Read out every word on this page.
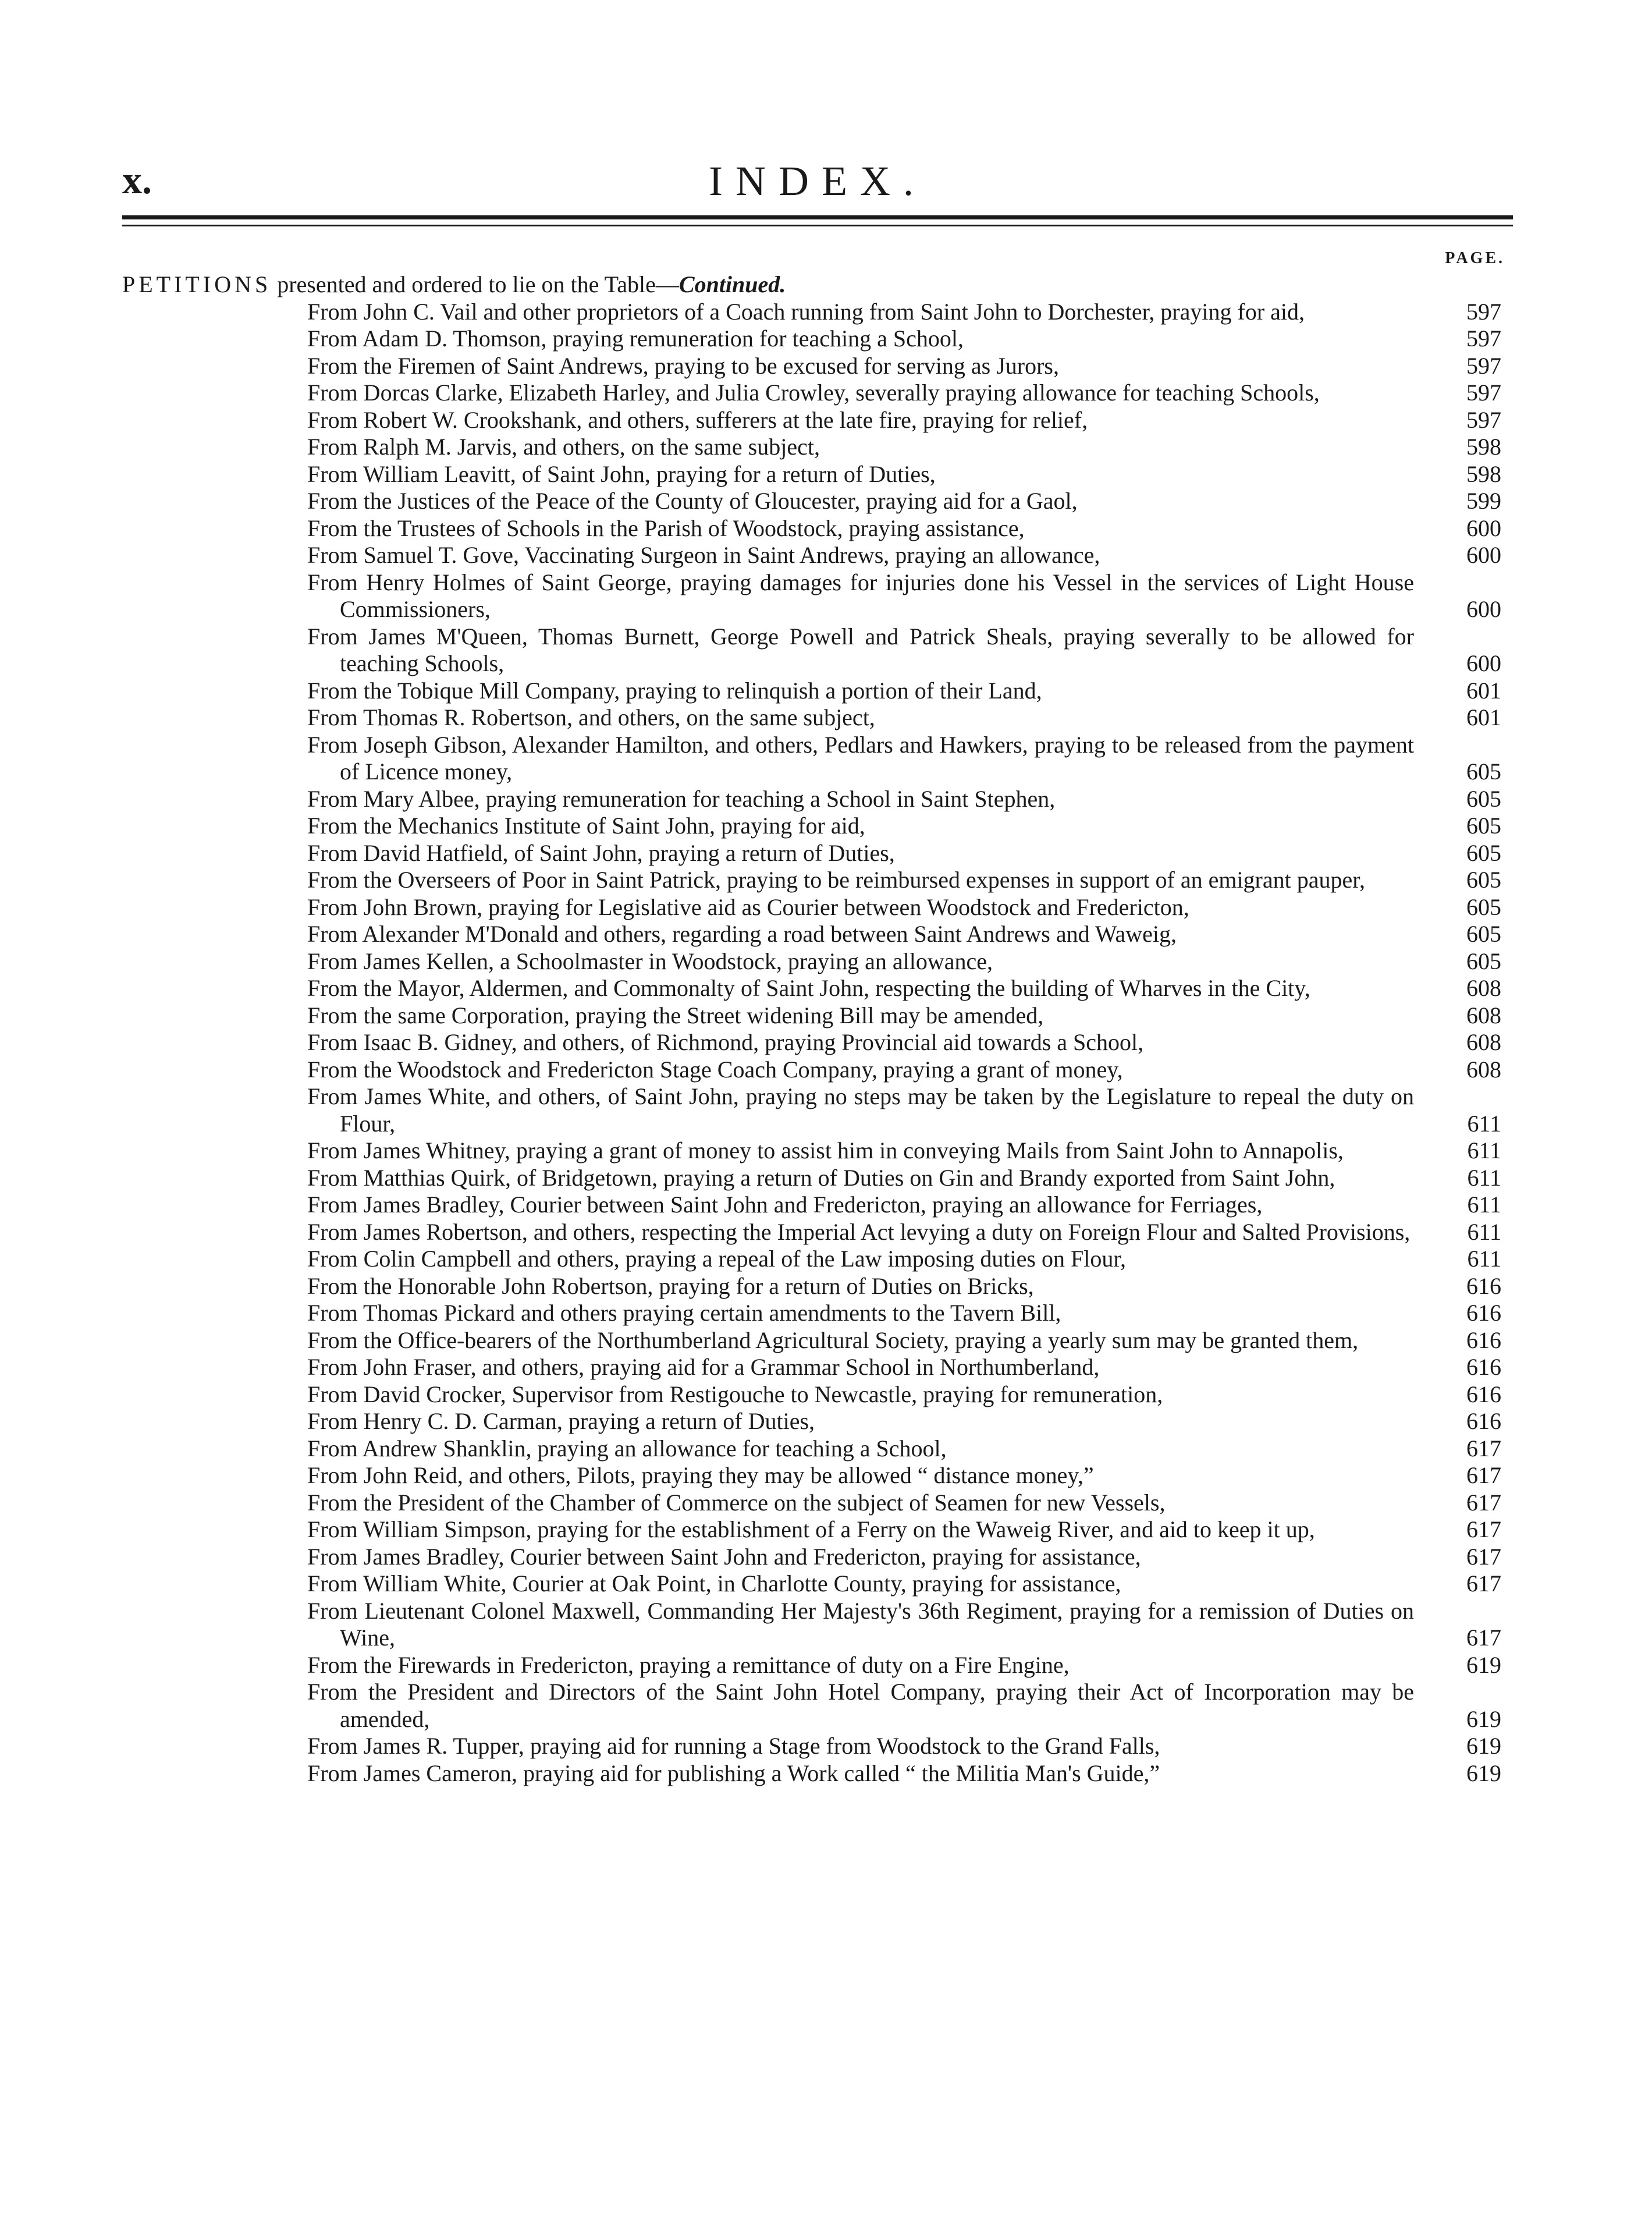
x.	INDEX.
PAGE.

PETITIONS presented and ordered to lie on the Table—Continued.

From John C. Vail and other proprietors of a Coach running from Saint John to Dorchester, praying for aid,	597
From Adam D. Thomson, praying remuneration for teaching a School,	597
From the Firemen of Saint Andrews, praying to be excused for serving as Jurors,	597
From Dorcas Clarke, Elizabeth Harley, and Julia Crowley, severally praying allowance for teaching Schools,	597
From Robert W. Crookshank, and others, sufferers at the late fire, praying for relief,	597
From Ralph M. Jarvis, and others, on the same subject,	598
From William Leavitt, of Saint John, praying for a return of Duties,	598
From the Justices of the Peace of the County of Gloucester, praying aid for a Gaol,	599
From the Trustees of Schools in the Parish of Woodstock, praying assistance,	600
From Samuel T. Gove, Vaccinating Surgeon in Saint Andrews, praying an allowance,	600
From Henry Holmes of Saint George, praying damages for injuries done his Vessel in the services of Light House Commissioners,	600
From James M'Queen, Thomas Burnett, George Powell and Patrick Sheals, praying severally to be allowed for teaching Schools,	600
From the Tobique Mill Company, praying to relinquish a portion of their Land,	601
From Thomas R. Robertson, and others, on the same subject,	601
From Joseph Gibson, Alexander Hamilton, and others, Pedlars and Hawkers, praying to be released from the payment of Licence money,	605
From Mary Albee, praying remuneration for teaching a School in Saint Stephen,	605
From the Mechanics Institute of Saint John, praying for aid,	605
From David Hatfield, of Saint John, praying a return of Duties,	605
From the Overseers of Poor in Saint Patrick, praying to be reimbursed expenses in support of an emigrant pauper,	605
From John Brown, praying for Legislative aid as Courier between Woodstock and Fredericton,	605
From Alexander M'Donald and others, regarding a road between Saint Andrews and Waweig,	605
From James Kellen, a Schoolmaster in Woodstock, praying an allowance,	605
From the Mayor, Aldermen, and Commonalty of Saint John, respecting the building of Wharves in the City,	608
From the same Corporation, praying the Street widening Bill may be amended,	608
From Isaac B. Gidney, and others, of Richmond, praying Provincial aid towards a School,	608
From the Woodstock and Fredericton Stage Coach Company, praying a grant of money,	608
From James White, and others, of Saint John, praying no steps may be taken by the Legislature to repeal the duty on Flour,	611
From James Whitney, praying a grant of money to assist him in conveying Mails from Saint John to Annapolis,	611
From Matthias Quirk, of Bridgetown, praying a return of Duties on Gin and Brandy exported from Saint John,	611
From James Bradley, Courier between Saint John and Fredericton, praying an allowance for Ferriages,	611
From James Robertson, and others, respecting the Imperial Act levying a duty on Foreign Flour and Salted Provisions,	611
From Colin Campbell and others, praying a repeal of the Law imposing duties on Flour,	611
From the Honorable John Robertson, praying for a return of Duties on Bricks,	616
From Thomas Pickard and others praying certain amendments to the Tavern Bill,	616
From the Office-bearers of the Northumberland Agricultural Society, praying a yearly sum may be granted them,	616
From John Fraser, and others, praying aid for a Grammar School in Northumberland,	616
From David Crocker, Supervisor from Restigouche to Newcastle, praying for remuneration,	616
From Henry C. D. Carman, praying a return of Duties,	616
From Andrew Shanklin, praying an allowance for teaching a School,	617
From John Reid, and others, Pilots, praying they may be allowed “ distance money,”	617
From the President of the Chamber of Commerce on the subject of Seamen for new Vessels,	617
From William Simpson, praying for the establishment of a Ferry on the Waweig River, and aid to keep it up,	617
From James Bradley, Courier between Saint John and Fredericton, praying for assistance,	617
From William White, Courier at Oak Point, in Charlotte County, praying for assistance,	617
From Lieutenant Colonel Maxwell, Commanding Her Majesty's 36th Regiment, praying for a remission of Duties on Wine,	617
From the Firewards in Fredericton, praying a remittance of duty on a Fire Engine,	619
From the President and Directors of the Saint John Hotel Company, praying their Act of Incorporation may be amended,	619
From James R. Tupper, praying aid for running a Stage from Woodstock to the Grand Falls,	619
From James Cameron, praying aid for publishing a Work called “ the Militia Man's Guide,”	619
